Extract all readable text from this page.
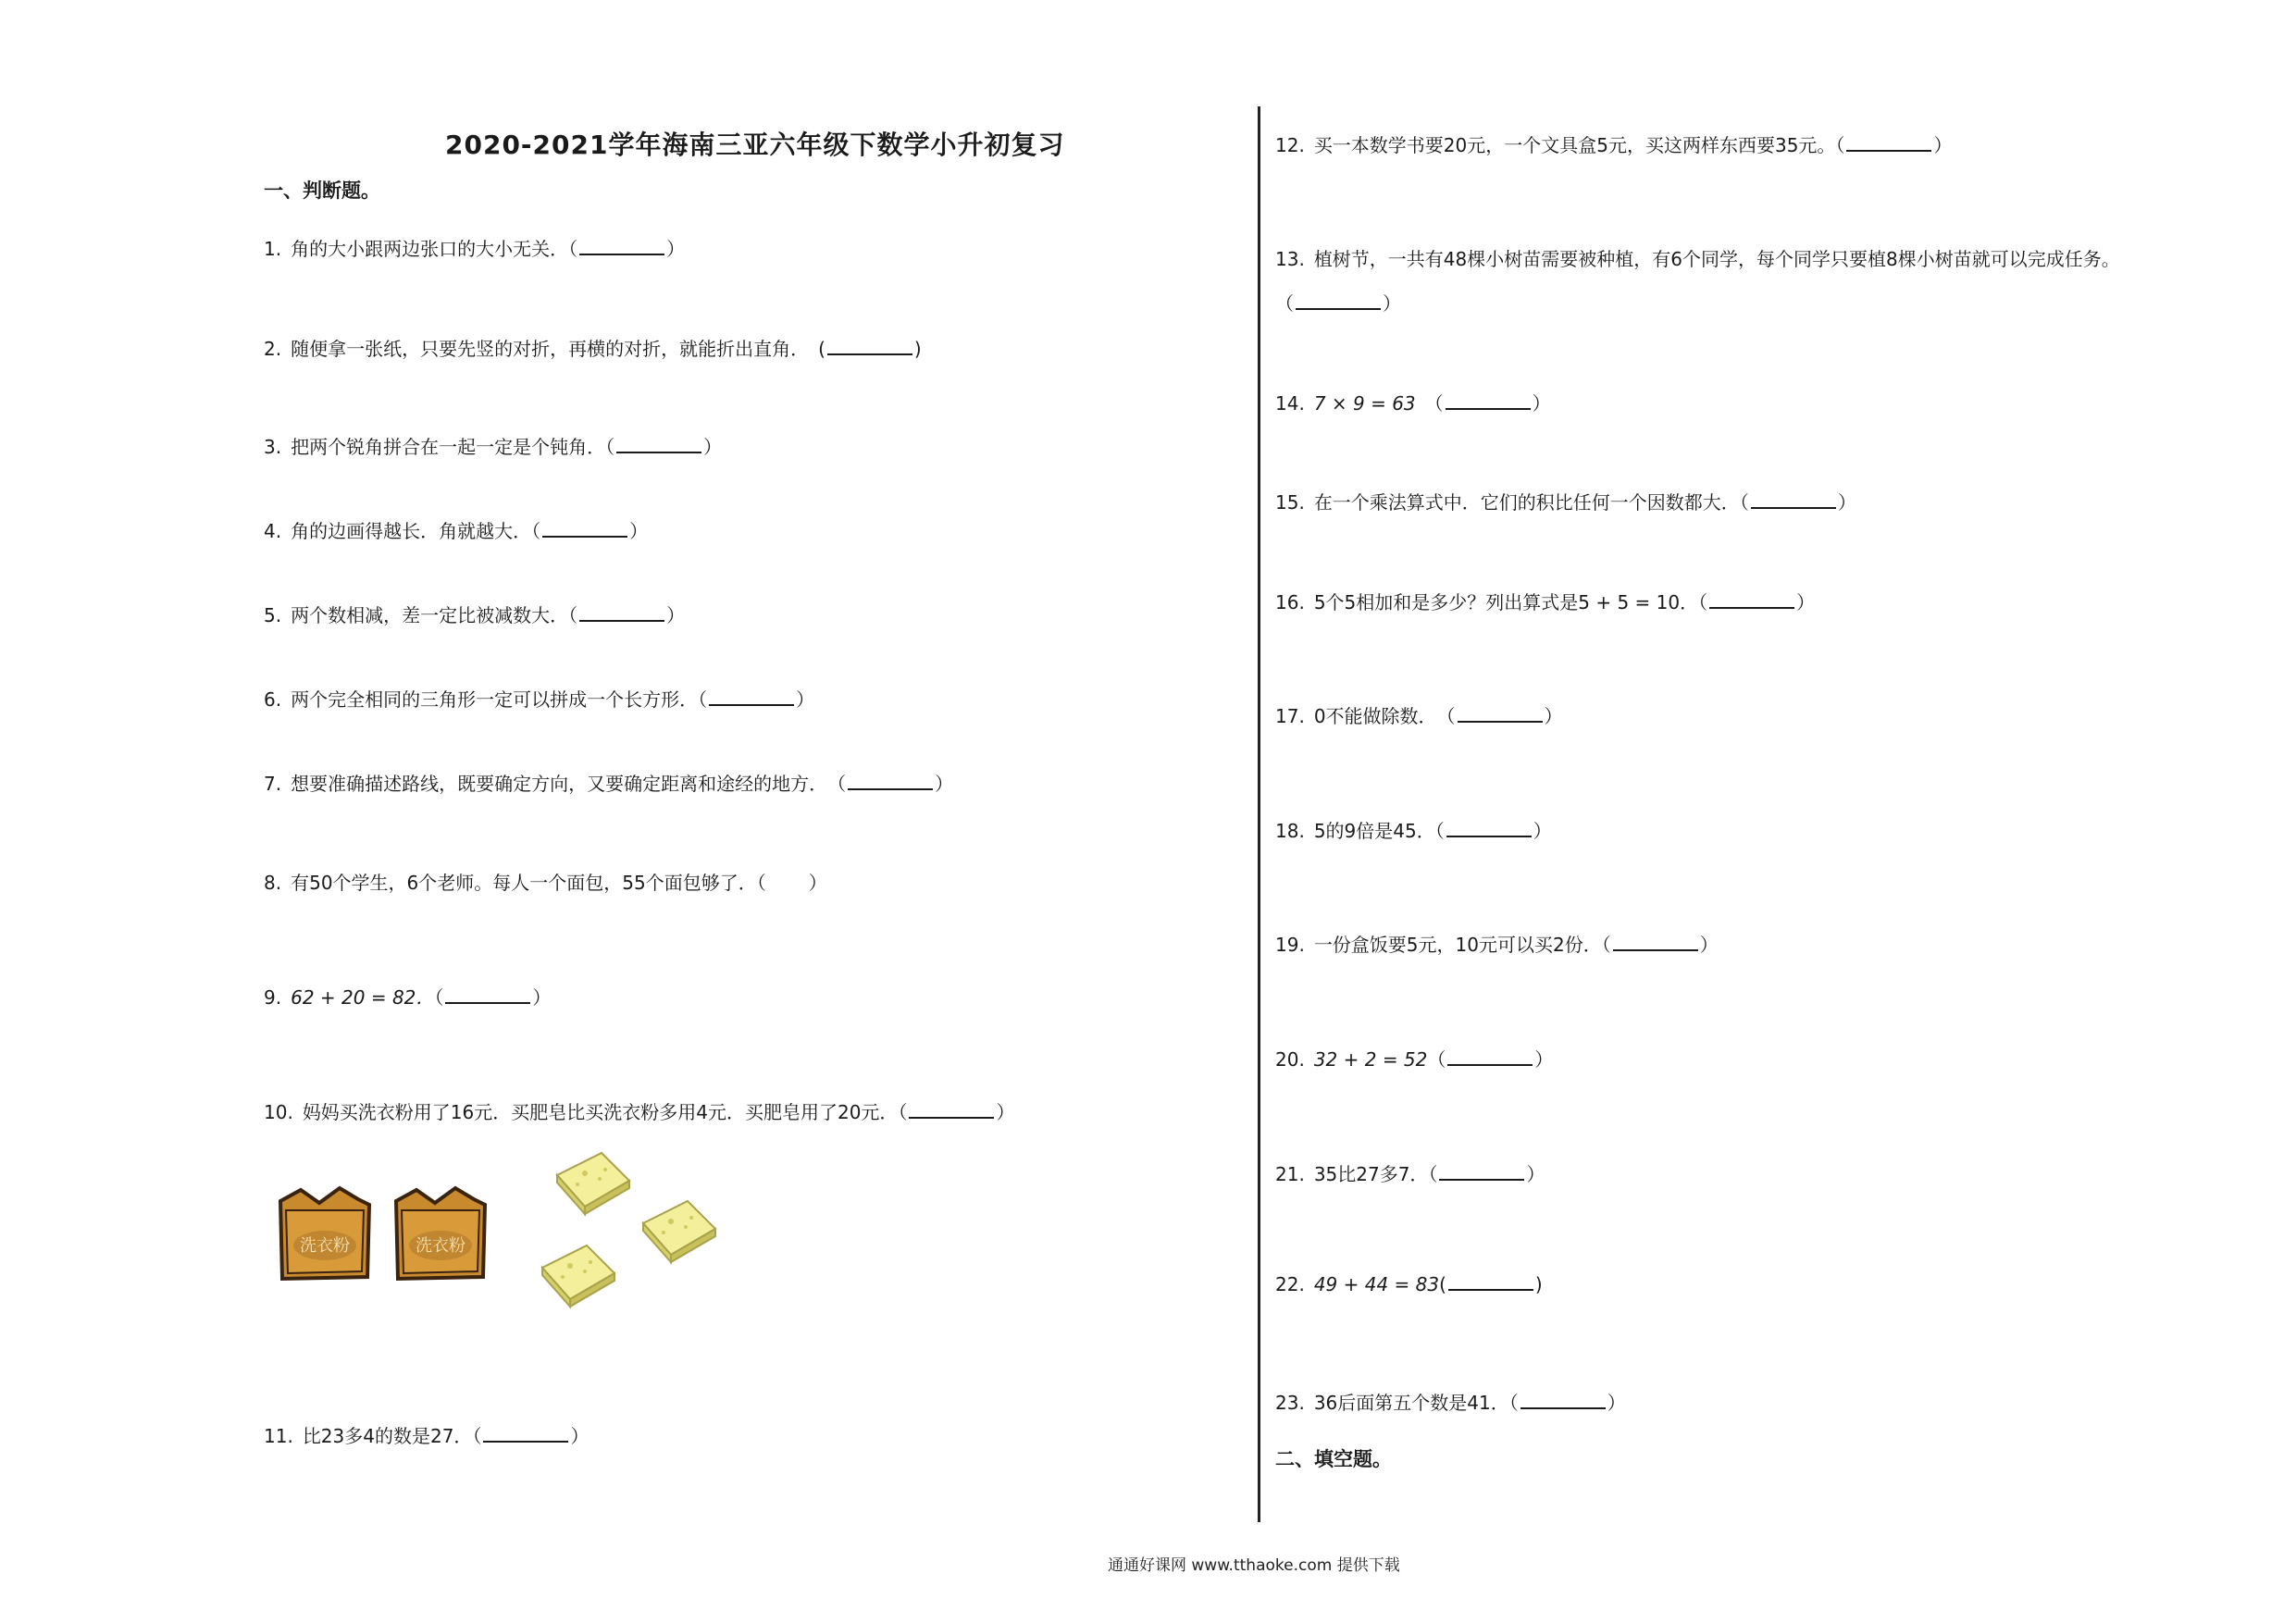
2020-2021学年海南三亚六年级下数学小升初复习
一、判断题。
1. 角的大小跟两边张口的大小无关．（	）
2. 随便拿一张纸，只要先竖的对折，再横的对折，就能折出直角．　(	)
3. 把两个锐角拼合在一起一定是个钝角．（	）
4. 角的边画得越长．角就越大．（	）
5. 两个数相减，差一定比被减数大．（	）
6. 两个完全相同的三角形一定可以拼成一个长方形．（	）
7. 想要准确描述路线，既要确定方向，又要确定距离和途经的地方．　（	）
8. 有50个学生，6个老师。每人一个面包，55个面包够了．（ ）
9. 62 + 20 = 82．（	）
10. 妈妈买洗衣粉用了16元．买肥皂比买洗衣粉多用4元．买肥皂用了20元．（	）
洗衣粉	洗衣粉
11. 比23多4的数是27．（	）
12. 买一本数学书要20元，一个文具盒5元，买这两样东西要35元。（	）
13. 植树节，一共有48棵小树苗需要被种植，有6个同学，每个同学只要植8棵小树苗就可以完成任务。
（	）
14. 7 × 9 = 63　（	）
15. 在一个乘法算式中．它们的积比任何一个因数都大．（	）
16. 5个5相加和是多少？列出算式是5 + 5 = 10．（	）
17. 0不能做除数．　（	）
18. 5的9倍是45．（	）
19. 一份盒饭要5元，10元可以买2份．（	）
20. 32 + 2 = 52（	）
21. 35比27多7．（	）
22. 49 + 44 = 83(	)
23. 36后面第五个数是41．（	）
二、填空题。
通通好课网 www.tthaoke.com 提供下载
